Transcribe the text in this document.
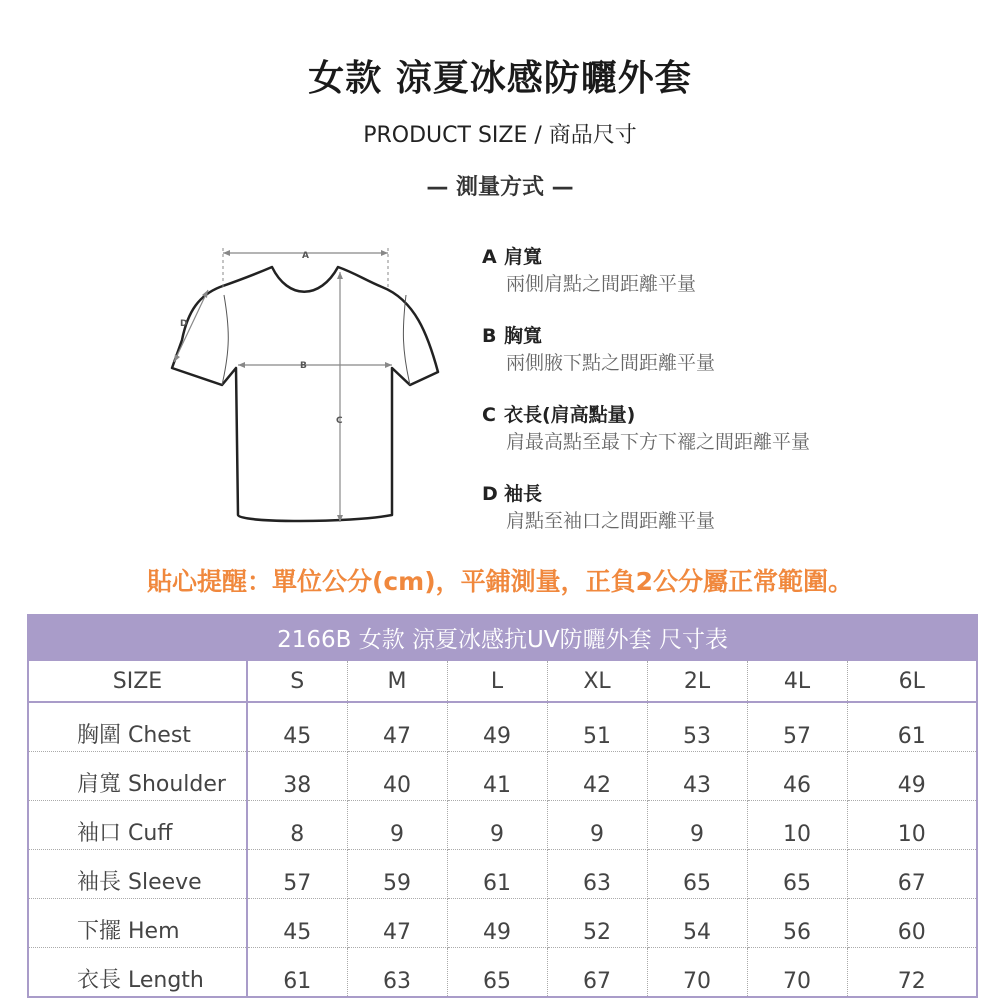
女款 涼夏冰感防曬外套
PRODUCT SIZE / 商品尺寸
— 測量方式 —
A
B
C
D
A 肩寬
兩側肩點之間距離平量
B 胸寬
兩側腋下點之間距離平量
C 衣長(肩高點量)
肩最高點至最下方下襬之間距離平量
D 袖長
肩點至袖口之間距離平量
貼心提醒：單位公分(cm)，平鋪測量，正負2公分屬正常範圍。
2166B 女款 涼夏冰感抗UV防曬外套 尺寸表							
SIZE	S	M	L	XL	2L	4L	6L
胸圍 Chest	45	47	49	51	53	57	61
肩寬 Shoulder	38	40	41	42	43	46	49
袖口 Cuff	8	9	9	9	9	10	10
袖長 Sleeve	57	59	61	63	65	65	67
下擺 Hem	45	47	49	52	54	56	60
衣長 Length	61	63	65	67	70	70	72
